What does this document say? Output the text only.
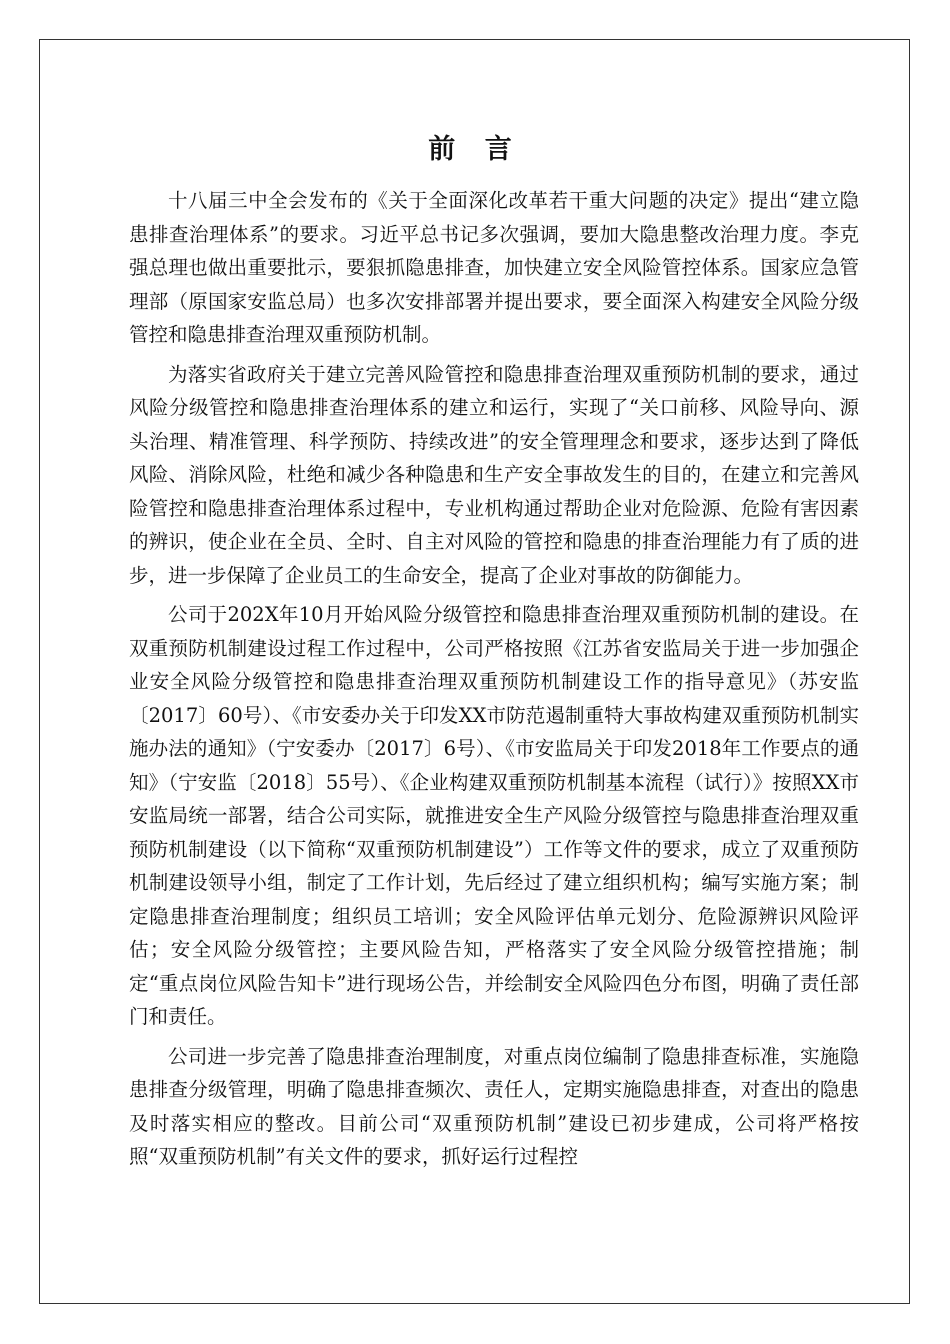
前 言

十八届三中全会发布的《关于全面深化改革若干重大问题的决定》提出“建立隐患排查治理体系”的要求。习近平总书记多次强调，要加大隐患整改治理力度。李克强总理也做出重要批示，要狠抓隐患排查，加快建立安全风险管控体系。国家应急管理部（原国家安监总局）也多次安排部署并提出要求，要全面深入构建安全风险分级管控和隐患排查治理双重预防机制。

为落实省政府关于建立完善风险管控和隐患排查治理双重预防机制的要求，通过风险分级管控和隐患排查治理体系的建立和运行，实现了“关口前移、风险导向、源头治理、精准管理、科学预防、持续改进”的安全管理理念和要求，逐步达到了降低风险、消除风险，杜绝和减少各种隐患和生产安全事故发生的目的，在建立和完善风险管控和隐患排查治理体系过程中，专业机构通过帮助企业对危险源、危险有害因素的辨识，使企业在全员、全时、自主对风险的管控和隐患的排查治理能力有了质的进步，进一步保障了企业员工的生命安全，提高了企业对事故的防御能力。

公司于202X年10月开始风险分级管控和隐患排查治理双重预防机制的建设。在双重预防机制建设过程工作过程中，公司严格按照《江苏省安监局关于进一步加强企业安全风险分级管控和隐患排查治理双重预防机制建设工作的指导意见》（苏安监〔2017〕60号）、《市安委办关于印发XX市防范遏制重特大事故构建双重预防机制实施办法的通知》（宁安委办〔2017〕6号）、《市安监局关于印发2018年工作要点的通知》（宁安监〔2018〕55号）、《企业构建双重预防机制基本流程（试行）》按照XX市安监局统一部署，结合公司实际，就推进安全生产风险分级管控与隐患排查治理双重预防机制建设（以下简称“双重预防机制建设”）工作等文件的要求，成立了双重预防机制建设领导小组，制定了工作计划，先后经过了建立组织机构；编写实施方案；制定隐患排查治理制度；组织员工培训；安全风险评估单元划分、危险源辨识风险评估；安全风险分级管控；主要风险告知，严格落实了安全风险分级管控措施；制定“重点岗位风险告知卡”进行现场公告，并绘制安全风险四色分布图，明确了责任部门和责任。

公司进一步完善了隐患排查治理制度，对重点岗位编制了隐患排查标准，实施隐患排查分级管理，明确了隐患排查频次、责任人，定期实施隐患排查，对查出的隐患及时落实相应的整改。目前公司“双重预防机制”建设已初步建成，公司将严格按照“双重预防机制”有关文件的要求，抓好运行过程控
